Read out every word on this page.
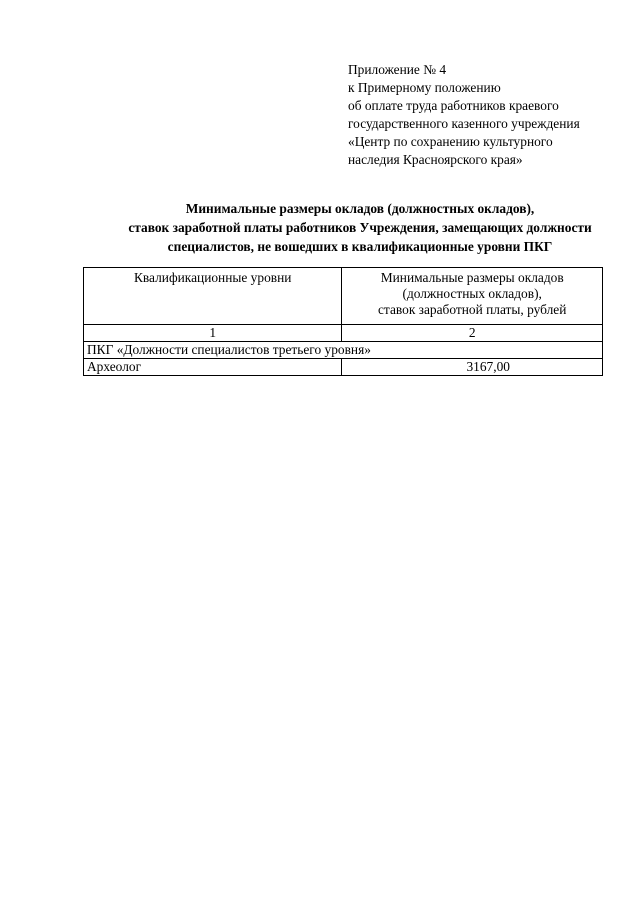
Приложение № 4
к Примерному положению
об оплате труда работников краевого
государственного казенного учреждения
«Центр по сохранению культурного
наследия Красноярского края»
Минимальные размеры окладов (должностных окладов),
ставок заработной платы работников Учреждения, замещающих должности
специалистов, не вошедших в квалификационные уровни ПКГ
Квалификационные уровни	Минимальные размеры окладов
(должностных окладов),
ставок заработной платы, рублей

1	2
ПКГ «Должности специалистов третьего уровня»	
Археолог	3167,00
